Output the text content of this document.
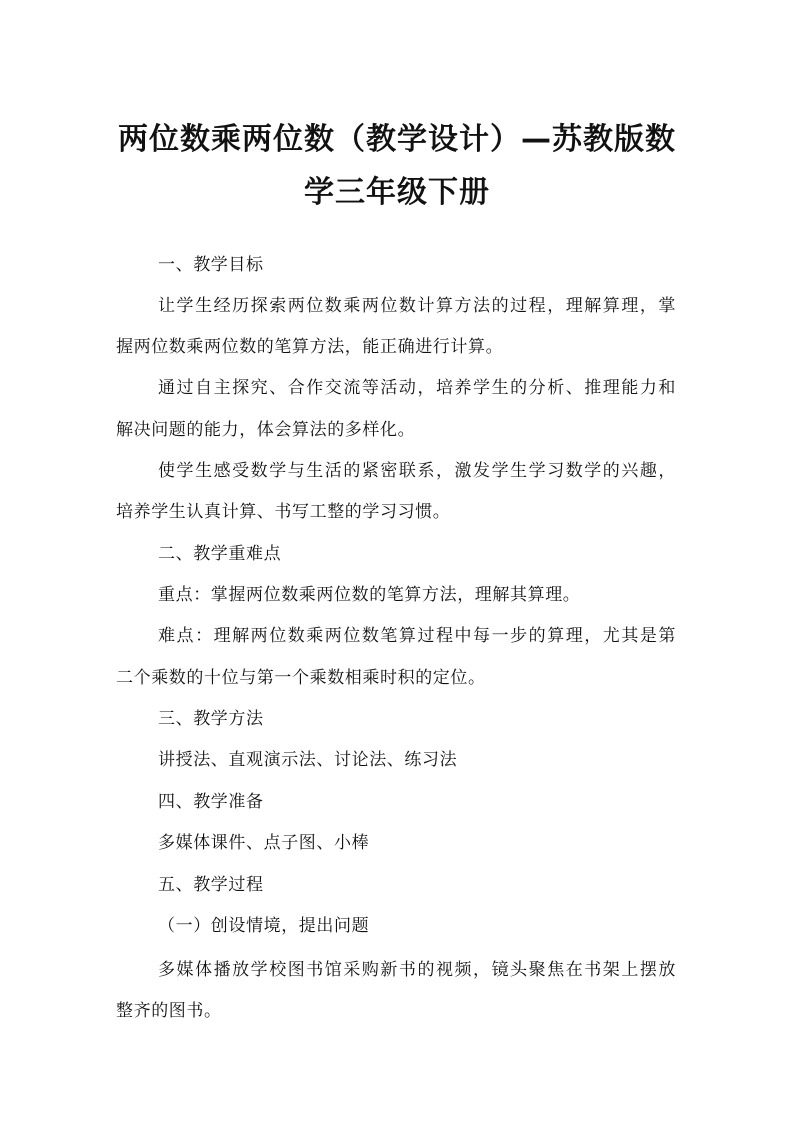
两位数乘两位数（教学设计）—苏教版数
学三年级下册
一、教学目标
让学生经历探索两位数乘两位数计算方法的过程，理解算理，掌
握两位数乘两位数的笔算方法，能正确进行计算。
通过自主探究、合作交流等活动，培养学生的分析、推理能力和
解决问题的能力，体会算法的多样化。
使学生感受数学与生活的紧密联系，激发学生学习数学的兴趣，
培养学生认真计算、书写工整的学习习惯。
二、教学重难点
重点：掌握两位数乘两位数的笔算方法，理解其算理。
难点：理解两位数乘两位数笔算过程中每一步的算理，尤其是第
二个乘数的十位与第一个乘数相乘时积的定位。
三、教学方法
讲授法、直观演示法、讨论法、练习法
四、教学准备
多媒体课件、点子图、小棒
五、教学过程
（一）创设情境，提出问题
多媒体播放学校图书馆采购新书的视频，镜头聚焦在书架上摆放
整齐的图书。
